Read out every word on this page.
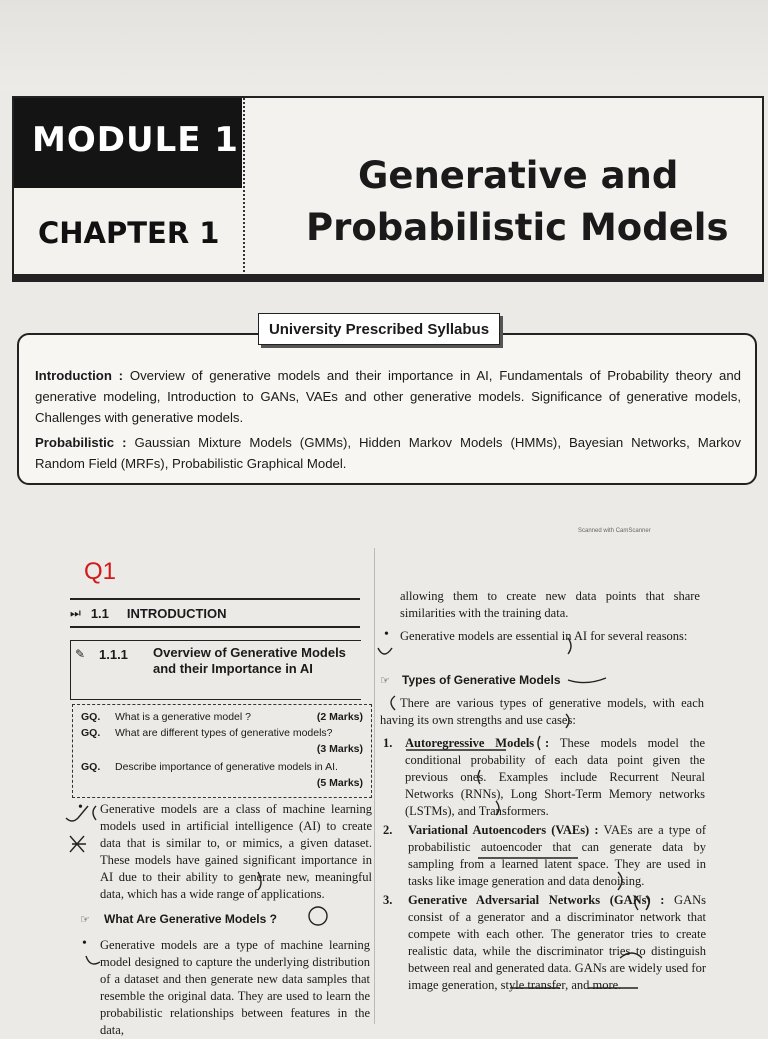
MODULE 1
CHAPTER 1
Generative and
Probabilistic Models
University Prescribed Syllabus

Introduction : Overview of generative models and their importance in AI, Fundamentals of Probability theory and generative modeling, Introduction to GANs, VAEs and other generative models. Significance of generative models, Challenges with generative models.

Probabilistic : Gaussian Mixture Models (GMMs), Hidden Markov Models (HMMs), Bayesian Networks, Markov Random Field (MRFs), Probabilistic Graphical Model.

Scanned with CamScanner
Q1
⏭ 1.1 INTRODUCTION
✎ 1.1.1 Overview of Generative Models and their Importance in AI
GQ. What is a generative model ?	(2 Marks)
GQ. What are different types of generative models?
(3 Marks)
GQ. Describe importance of generative models in AI.
(5 Marks)
• Generative models are a class of machine learning models used in artificial intelligence (AI) to create data that is similar to, or mimics, a given dataset. These models have gained significant importance in AI due to their ability to generate new, meaningful data, which has a wide range of applications.
☞ What Are Generative Models ?
• Generative models are a type of machine learning model designed to capture the underlying distribution of a dataset and then generate new data samples that resemble the original data. They are used to learn the probabilistic relationships between features in the data,
allowing them to create new data points that share similarities with the training data.
• Generative models are essential in AI for several reasons:
☞ Types of Generative Models
There are various types of generative models, with each having its own strengths and use cases:
1. Autoregressive Models : These models model the conditional probability of each data point given the previous ones. Examples include Recurrent Neural Networks (RNNs), Long Short-Term Memory networks (LSTMs), and Transformers.
2. Variational Autoencoders (VAEs) : VAEs are a type of probabilistic autoencoder that can generate data by sampling from a learned latent space. They are used in tasks like image generation and data denoising.
3. Generative Adversarial Networks (GANs) : GANs consist of a generator and a discriminator network that compete with each other. The generator tries to create realistic data, while the discriminator tries to distinguish between real and generated data. GANs are widely used for image generation, style transfer, and more.
